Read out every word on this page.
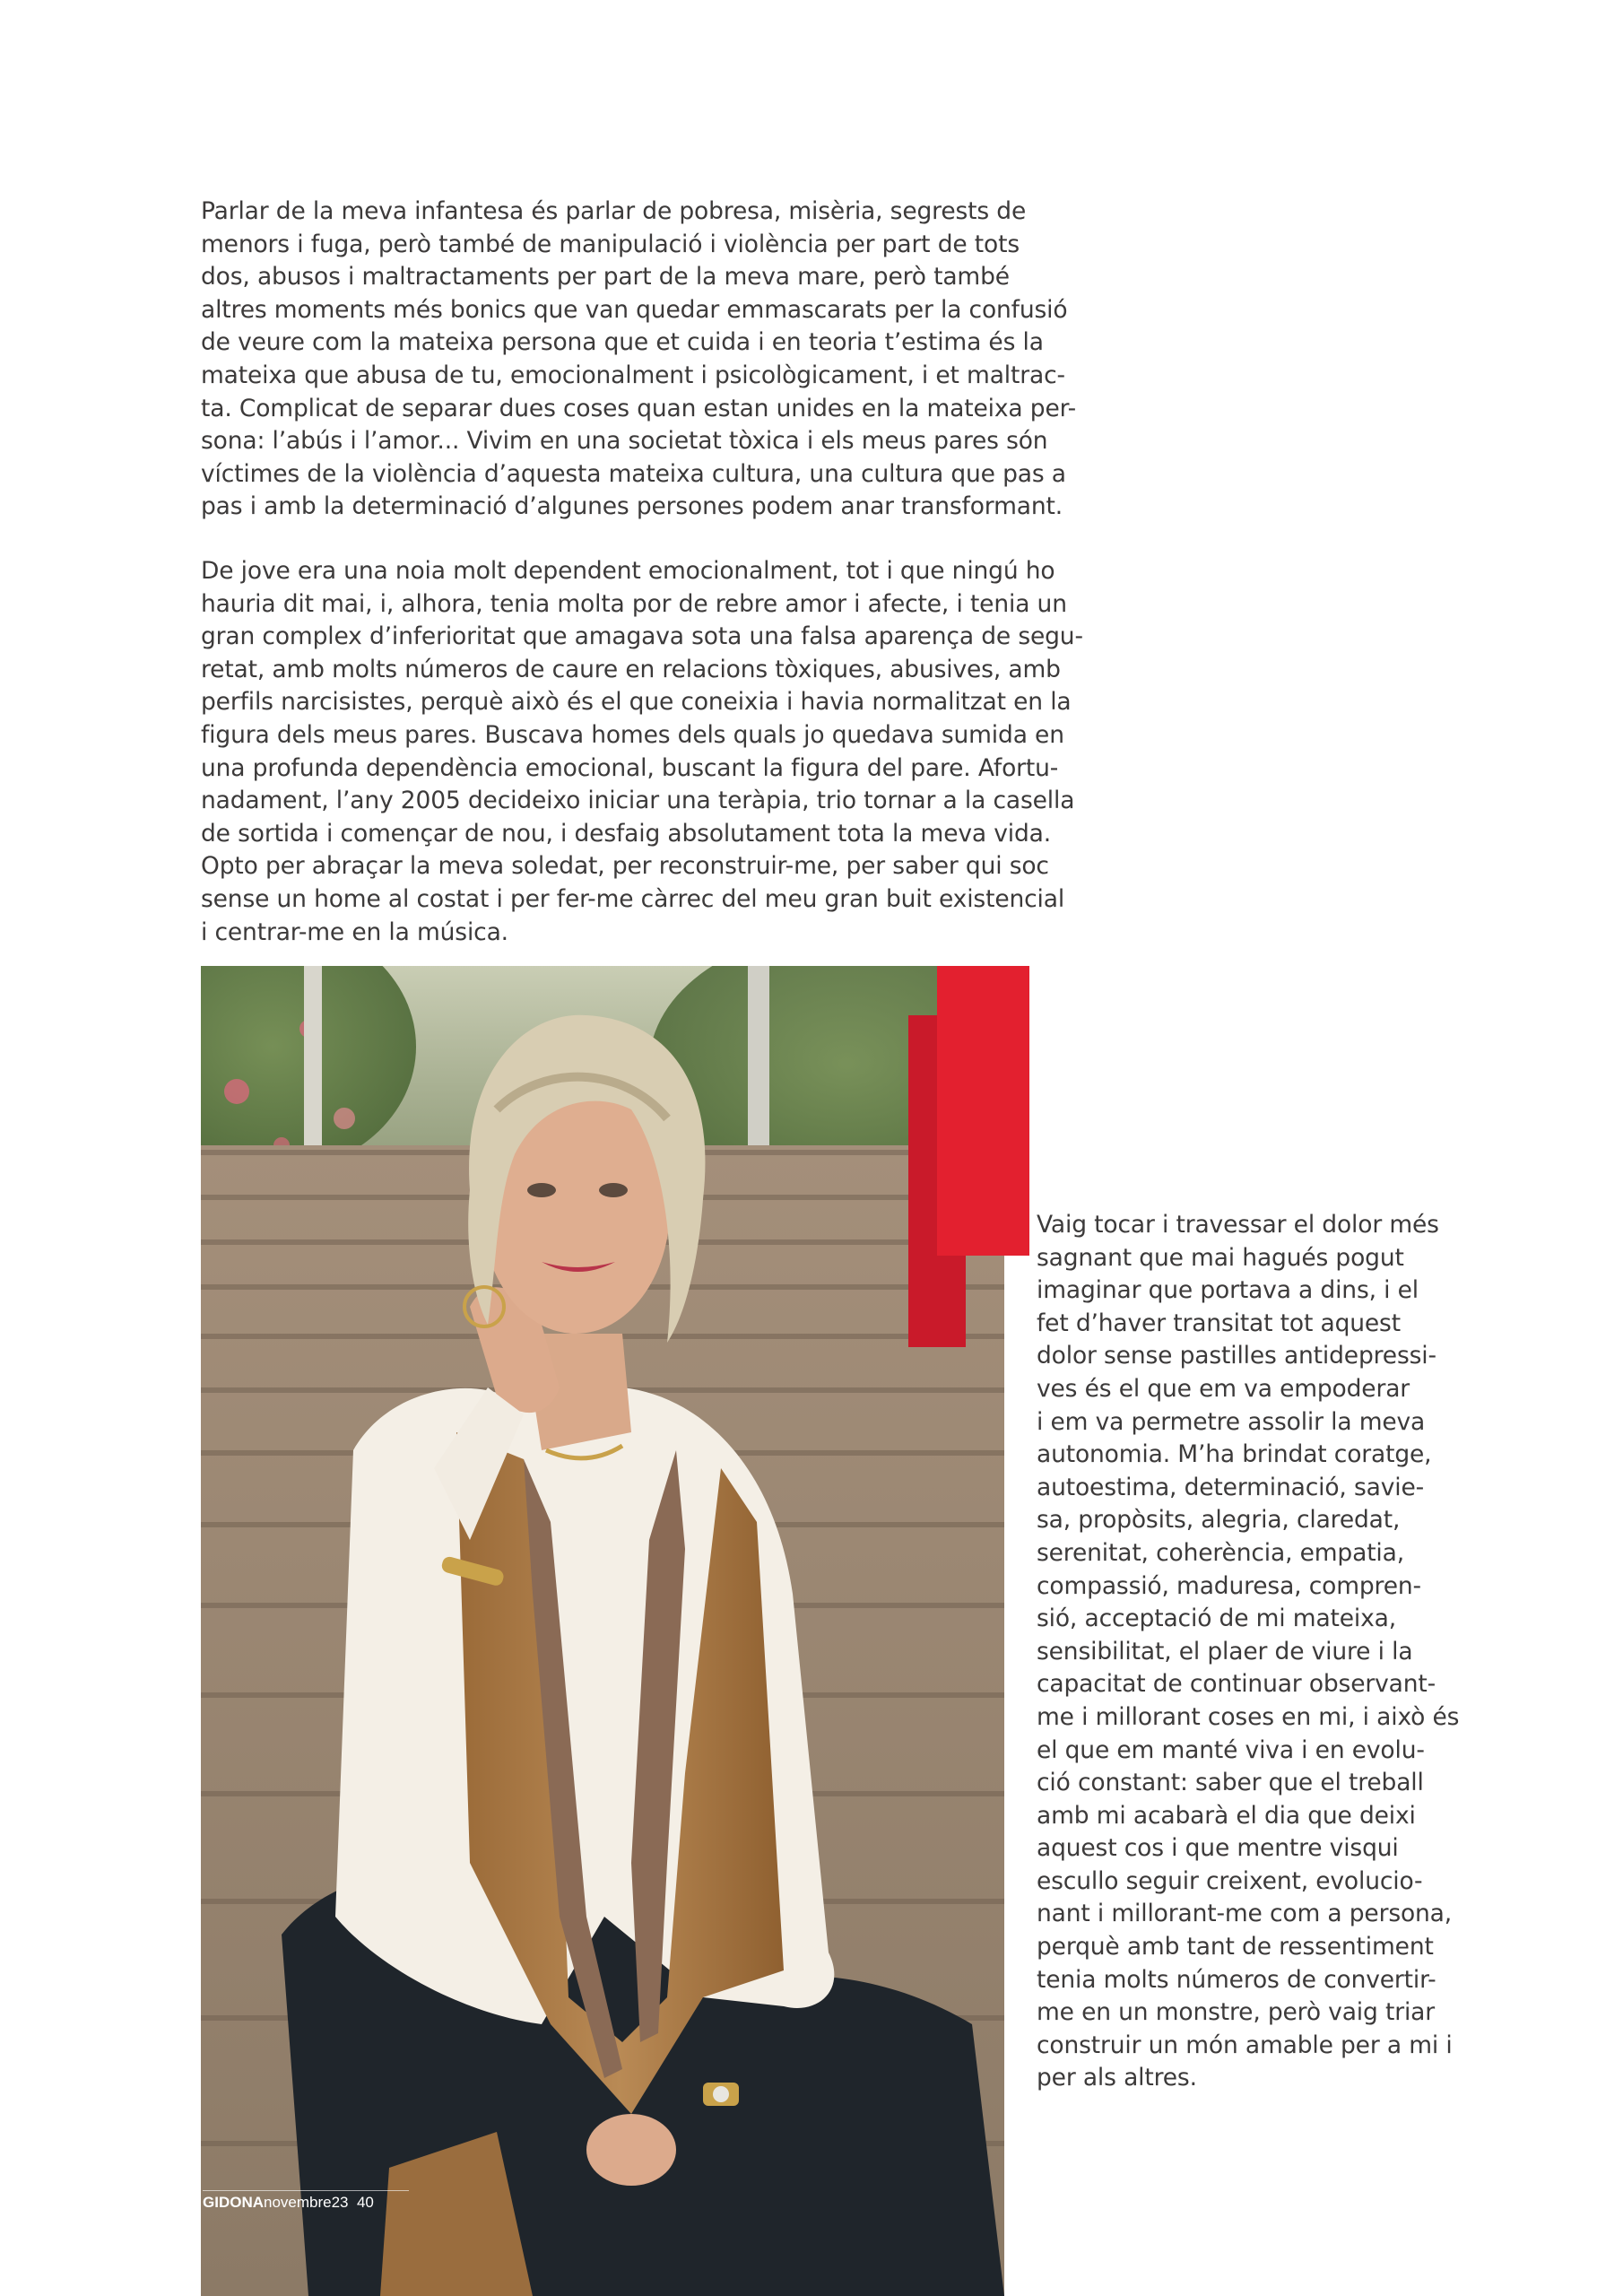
Parlar de la meva infantesa és parlar de pobresa, misèria, segrests de
menors i fuga, però també de manipulació i violència per part de tots
dos, abusos i maltractaments per part de la meva mare, però també
altres moments més bonics que van quedar emmascarats per la confusió
de veure com la mateixa persona que et cuida i en teoria t’estima és la
mateixa que abusa de tu, emocionalment i psicològicament, i et maltrac-
ta. Complicat de separar dues coses quan estan unides en la mateixa per-
sona: l’abús i l’amor... Vivim en una societat tòxica i els meus pares són
víctimes de la violència d’aquesta mateixa cultura, una cultura que pas a
pas i amb la determinació d’algunes persones podem anar transformant.
De jove era una noia molt dependent emocionalment, tot i que ningú ho
hauria dit mai, i, alhora, tenia molta por de rebre amor i afecte, i tenia un
gran complex d’inferioritat que amagava sota una falsa aparença de segu-
retat, amb molts números de caure en relacions tòxiques, abusives, amb
perfils narcisistes, perquè això és el que coneixia i havia normalitzat en la
figura dels meus pares. Buscava homes dels quals jo quedava sumida en
una profunda dependència emocional, buscant la figura del pare. Afortu-
nadament, l’any 2005 decideixo iniciar una teràpia, trio tornar a la casella
de sortida i començar de nou, i desfaig absolutament tota la meva vida.
Opto per abraçar la meva soledat, per reconstruir-me, per saber qui soc
sense un home al costat i per fer-me càrrec del meu gran buit existencial
i centrar-me en la música.
Vaig tocar i travessar el dolor més
sagnant que mai hagués pogut
imaginar que portava a dins, i el
fet d’haver transitat tot aquest
dolor sense pastilles antidepressi-
ves és el que em va empoderar
i em va permetre assolir la meva
autonomia. M’ha brindat coratge,
autoestima, determinació, savie-
sa, propòsits, alegria, claredat,
serenitat, coherència, empatia,
compassió, maduresa, compren-
sió, acceptació de mi mateixa,
sensibilitat, el plaer de viure i la
capacitat de continuar observant-
me i millorant coses en mi, i això és
el que em manté viva i en evolu-
ció constant: saber que el treball
amb mi acabarà el dia que deixi
aquest cos i que mentre visqui
escullo seguir creixent, evolucio-
nant i millorant-me com a persona,
perquè amb tant de ressentiment
tenia molts números de convertir-
me en un monstre, però vaig triar
construir un món amable per a mi i
per als altres.
GIDONAnovembre23 40
